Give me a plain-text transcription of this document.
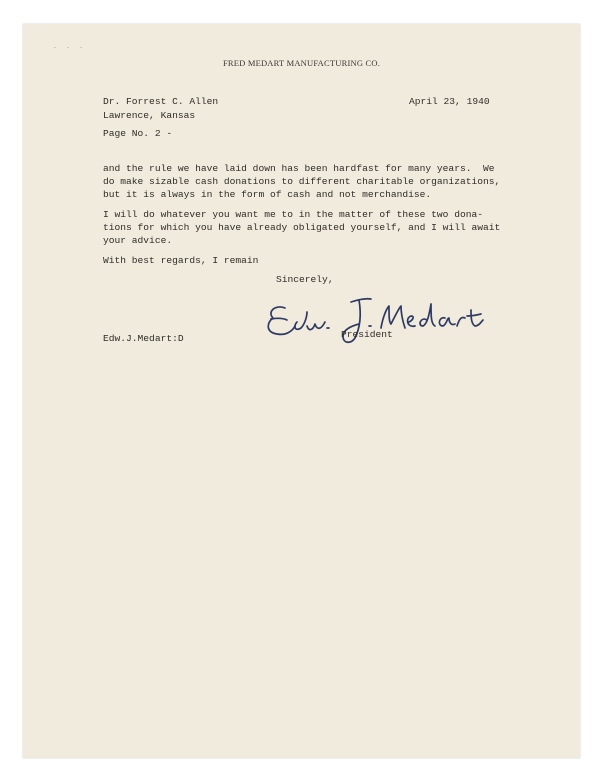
- - -
FRED MEDART MANUFACTURING CO.
Dr. Forrest C. Allen
Lawrence, Kansas
April 23, 1940
Page No. 2 -
and the rule we have laid down has been hardfast for many years.  We
do make sizable cash donations to different charitable organizations,
but it is always in the form of cash and not merchandise.
I will do whatever you want me to in the matter of these two dona-
tions for which you have already obligated yourself, and I will await
your advice.
With best regards, I remain
Sincerely,
President
Edw.J.Medart:D
